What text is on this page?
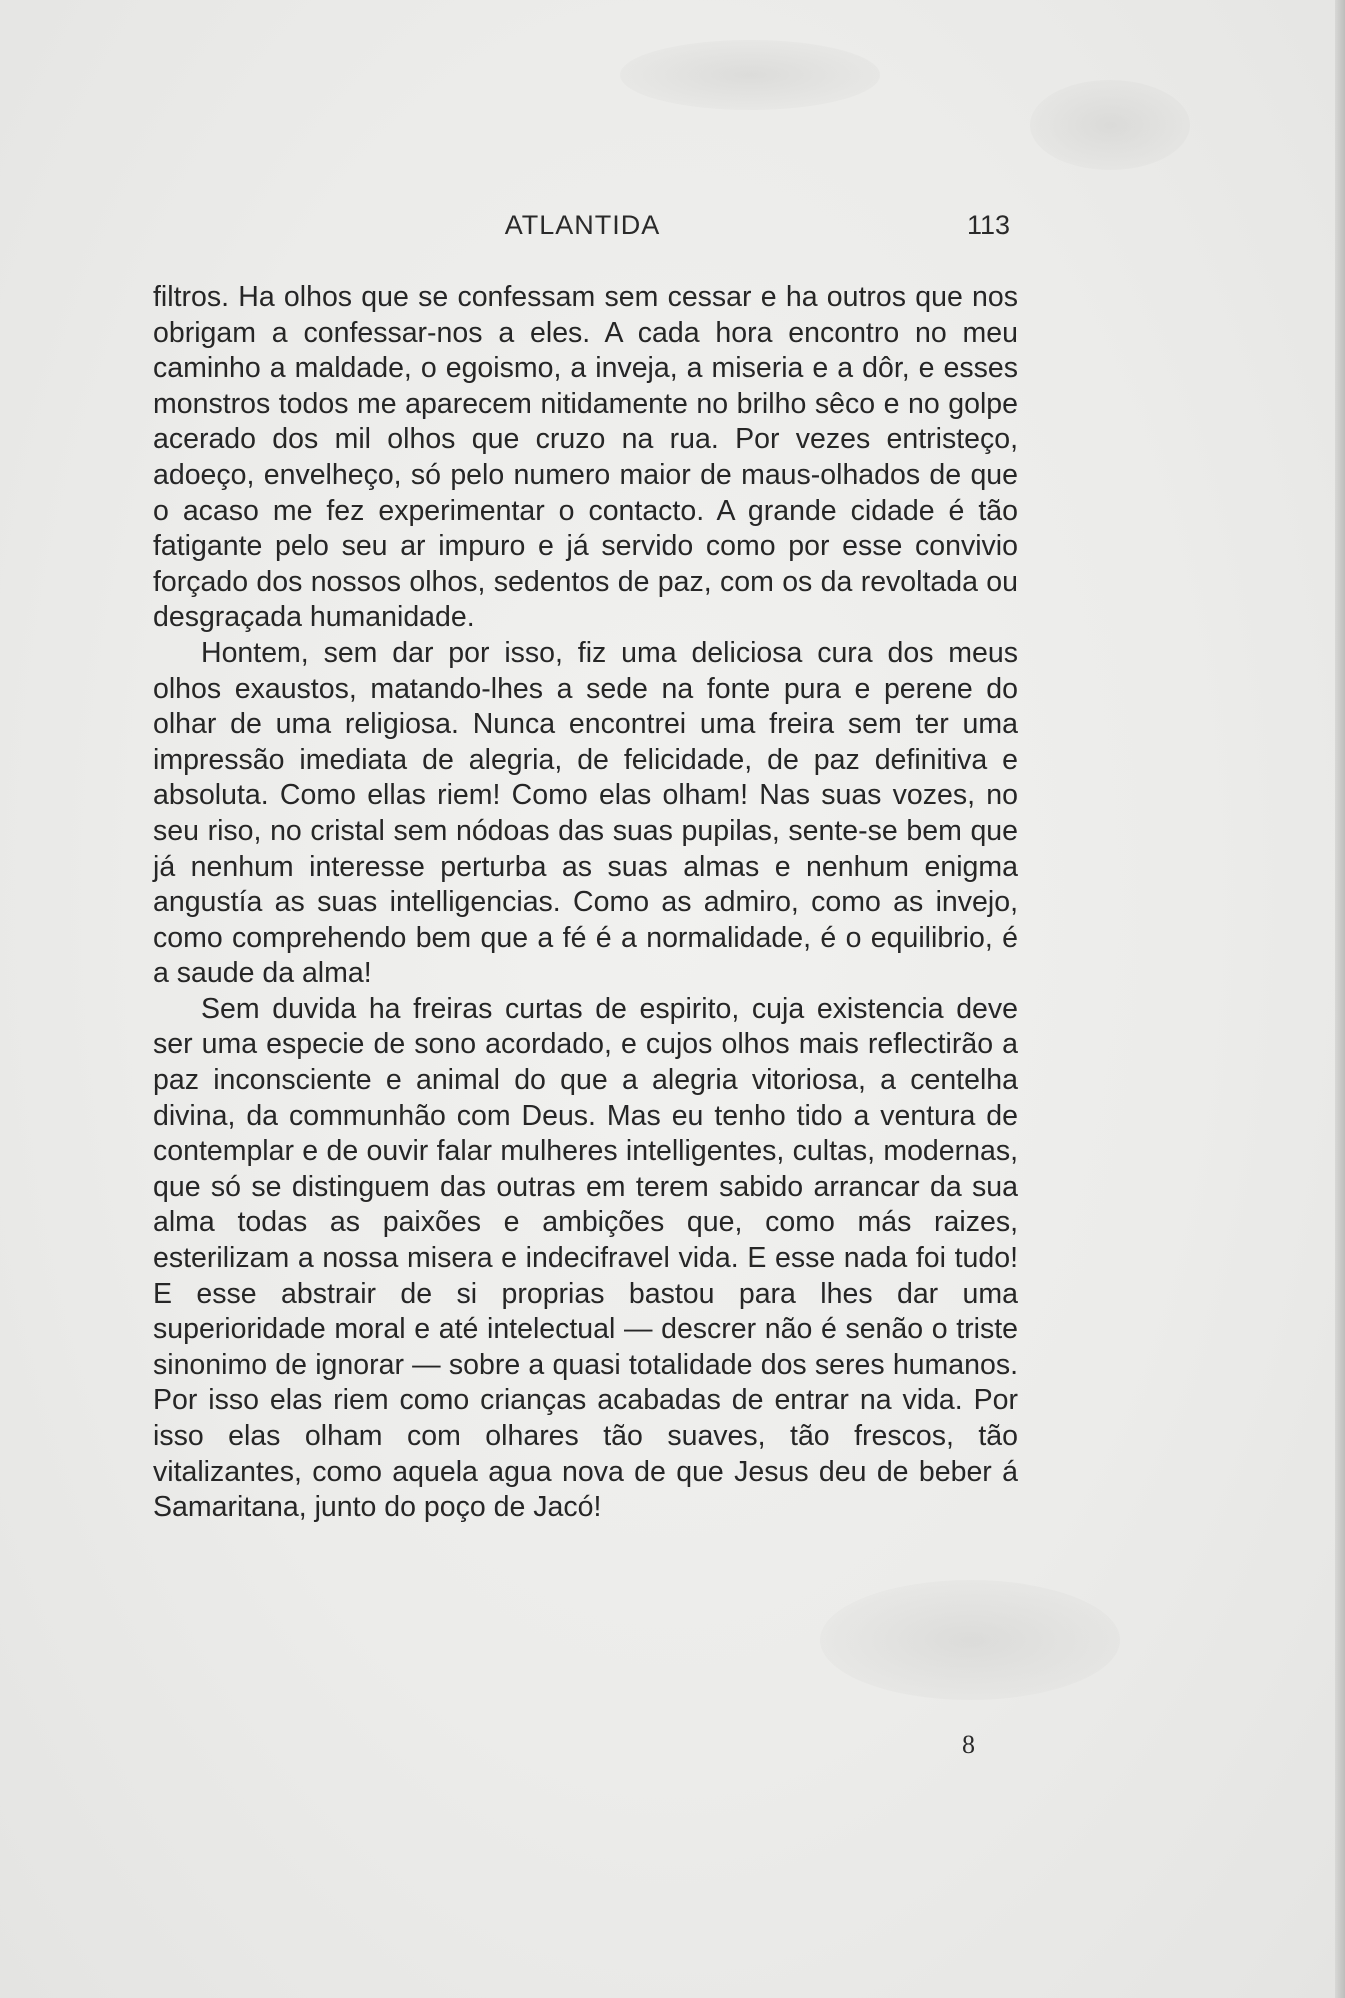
ATLANTIDA	113

filtros. Ha olhos que se confessam sem cessar e ha outros que nos obrigam a confessar-nos a eles. A cada hora encontro no meu caminho a maldade, o egoismo, a inveja, a miseria e a dôr, e esses monstros todos me aparecem nitidamente no brilho sêco e no golpe acerado dos mil olhos que cruzo na rua. Por vezes entristeço, adoeço, envelheço, só pelo numero maior de maus-olhados de que o acaso me fez experimentar o contacto. A grande cidade é tão fatigante pelo seu ar impuro e já servido como por esse convivio forçado dos nossos olhos, sedentos de paz, com os da revoltada ou desgraçada humanidade.

Hontem, sem dar por isso, fiz uma deliciosa cura dos meus olhos exaustos, matando-lhes a sede na fonte pura e perene do olhar de uma religiosa. Nunca encontrei uma freira sem ter uma impressão imediata de alegria, de felicidade, de paz definitiva e absoluta. Como ellas riem! Como elas olham! Nas suas vozes, no seu riso, no cristal sem nódoas das suas pupilas, sente-se bem que já nenhum interesse perturba as suas almas e nenhum enigma angustía as suas intelligencias. Como as admiro, como as invejo, como comprehendo bem que a fé é a normalidade, é o equilibrio, é a saude da alma!

Sem duvida ha freiras curtas de espirito, cuja existencia deve ser uma especie de sono acordado, e cujos olhos mais reflectirão a paz inconsciente e animal do que a alegria vitoriosa, a centelha divina, da communhão com Deus. Mas eu tenho tido a ventura de contemplar e de ouvir falar mulheres intelligentes, cultas, modernas, que só se distinguem das outras em terem sabido arrancar da sua alma todas as paixões e ambições que, como más raizes, esterilizam a nossa misera e indecifravel vida. E esse nada foi tudo! E esse abstrair de si proprias bastou para lhes dar uma superioridade moral e até intelectual — descrer não é senão o triste sinonimo de ignorar — sobre a quasi totalidade dos seres humanos. Por isso elas riem como crianças acabadas de entrar na vida. Por isso elas olham com olhares tão suaves, tão frescos, tão vitalizantes, como aquela agua nova de que Jesus deu de beber á Samaritana, junto do poço de Jacó!

8
